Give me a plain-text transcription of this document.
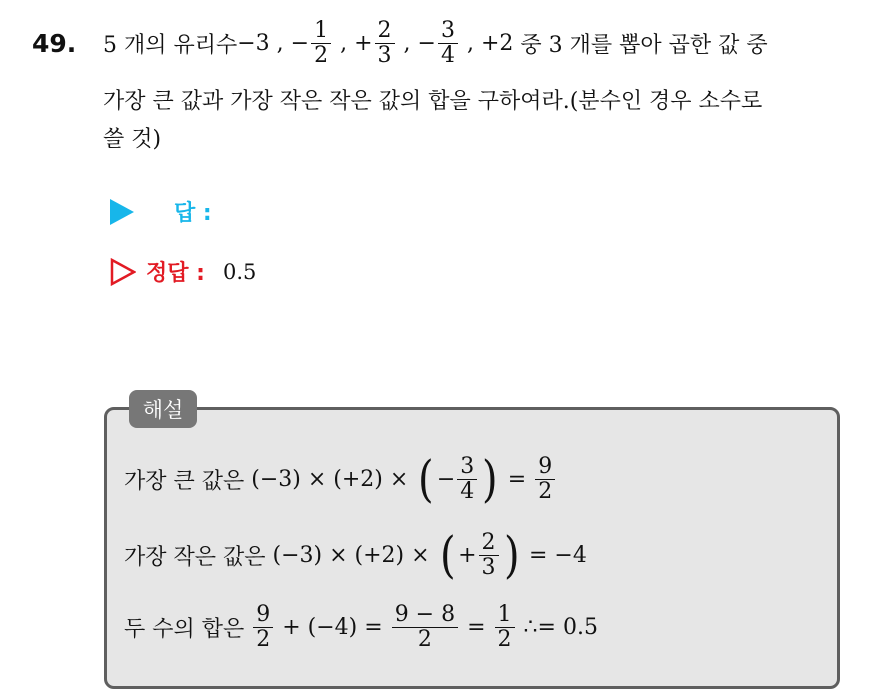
49. 5 개의 유리수 −3 , − $\frac{1}{2}$ , + $\frac{2}{3}$ , − $\frac{3}{4}$ , +2 중 3 개를 뽑아 곱한 값 중
가장 큰 값과 가장 작은 작은 값의 합을 구하여라.(분수인 경우 소수로
쓸 것)
답 :
정답 : 0.5
해설
가장 큰 값은 (−3) × (+2) × ( − $\frac{3}{4}$ ) = $\frac{9}{2}$
가장 작은 값은 (−3) × (+2) × ( + $\frac{2}{3}$ ) = −4
두 수의 합은 $\frac{9}{2} + (-4) = \frac{9 - 8}{2} = \frac{1}{2}$ ∴= 0.5
